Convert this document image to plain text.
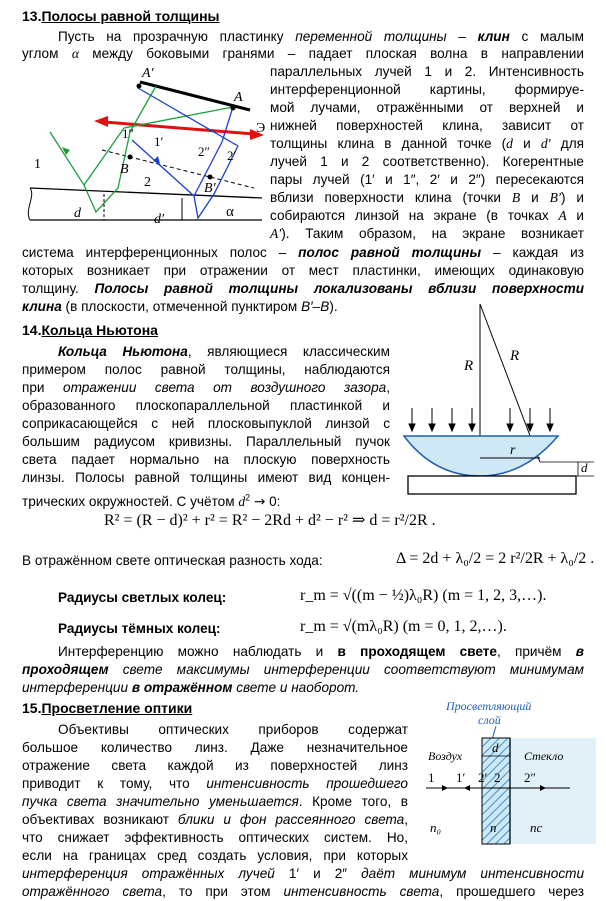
13.Полосы равной толщины
Пусть на прозрачную пластинку переменной толщины – клин с малым
углом α между боковыми гранями – падает плоская волна в направлении
параллельных лучей 1 и 2. Интенсивность
интерференционной картины, формируе-
мой лучами, отражёнными от верхней и
нижней поверхностей клина, зависит от
толщины клина в данной точке (d и d′ для
лучей 1 и 2 соответственно). Когерентные
пары лучей (1′ и 1″, 2′ и 2″) пересекаются
вблизи поверхности клина (точки B и B′) и
собираются линзой на экране (в точках A и
A′). Таким образом, на экране возникает
системa интерференционных полос – полос равной толщины – каждая из
которых возникает при отражении от мест пластинки, имеющих одинаковую
толщину. Полосы равной толщины локализованы вблизи поверхности
клина (в плоскости, отмеченной пунктиром B′–B).
A′
A
Э
1″
1′
2″ 2′
1	B
2	B′
d	d′	α
14.Кольца Ньютона
Кольца Ньютона, являющиеся классическим
примером полос равной толщины, наблюдаются
при отражении света от воздушного зазора,
образованного плоскопараллельной пластинкой и
соприкасающейся с ней плосковыпуклой линзой с
большим радиусом кривизны. Параллельный пучок
света падает нормально на плоскую поверхность
линзы. Полосы равной толщины имеют вид концен-
трических окружностей. С учётом $d^2 \to 0$:
R
R
r
d
R² = (R − d)² + r² = R² − 2Rd + d² − r² ⇒ d = r²/2R .
В отражённом свете оптическая разность хода:	Δ = 2d + λ₀/2 = 2 r²/2R + λ₀/2 .
Радиусы светлых колец:	r_m = √((m − ½)λ₀R) (m = 1, 2, 3,…).
Радиусы тёмных колец:	r_m = √(mλ₀R) (m = 0, 1, 2,…).
Интерференцию можно наблюдать и в проходящем свете, причём в
проходящем свете максимумы интерференции соответствуют минимумам
интерференции в отражённом свете и наоборот.
15.Просветление оптики
Объективы оптических приборов содержат
большое количество линз. Даже незначительное
отражение света каждой из поверхностей линз
приводит к тому, что интенсивность прошедшего
пучка света значительно уменьшается. Кроме того, в
объективах возникают блики и фон рассеянного света,
что снижает эффективность оптических систем. Но,
если на границах сред создать условия, при которых
интерференция отражённых лучей 1′ и 2″ даёт минимум интенсивности
отражённого света, то при этом интенсивность света, прошедшего через
Просветляющий
слой
Воздух
d
Стекло
1 1′ 2′ 2 2″
n₀	n	nc
